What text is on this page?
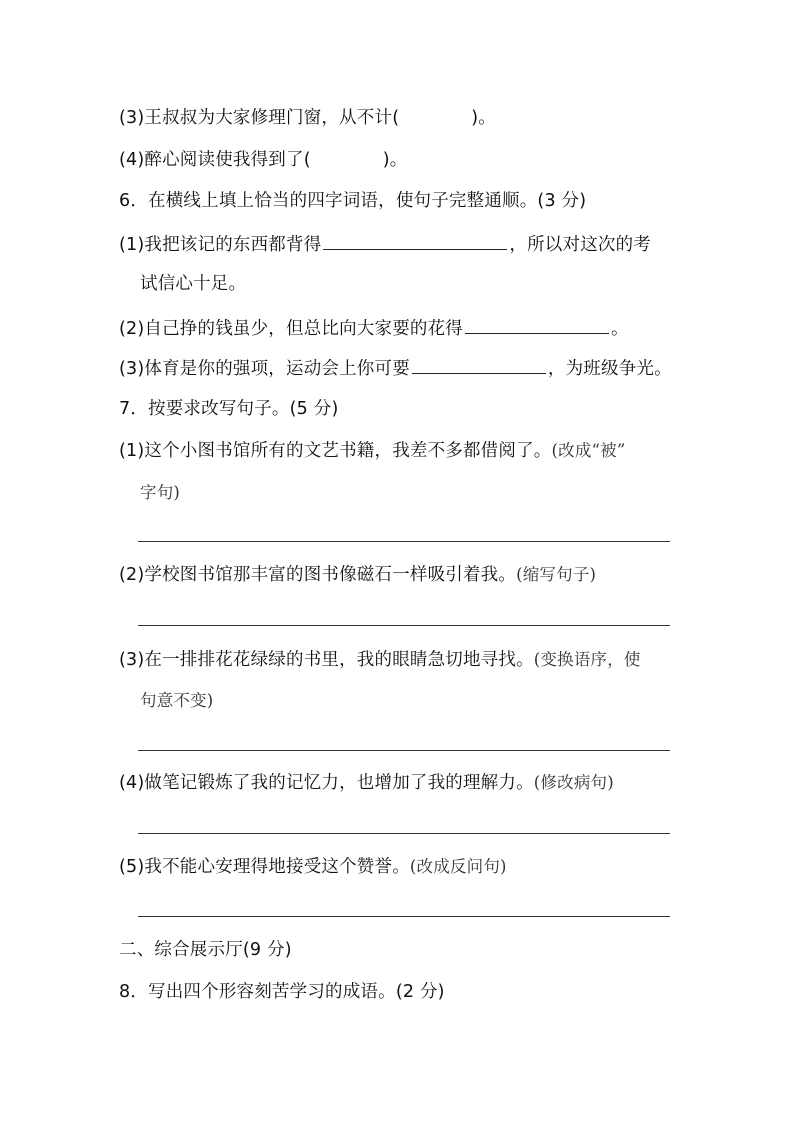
(3)王叔叔为大家修理门窗，从不计(	)。
(4)醉心阅读使我得到了(	)。
6．在横线上填上恰当的四字词语，使句子完整通顺。(3 分)
(1)我把该记的东西都背得	，所以对这次的考
试信心十足。
(2)自己挣的钱虽少，但总比向大家要的花得	。
(3)体育是你的强项，运动会上你可要	，为班级争光。
7．按要求改写句子。(5 分)
(1)这个小图书馆所有的文艺书籍，我差不多都借阅了。(改成“被”
字句)
(2)学校图书馆那丰富的图书像磁石一样吸引着我。(缩写句子)
(3)在一排排花花绿绿的书里，我的眼睛急切地寻找。(变换语序，使
句意不变)
(4)做笔记锻炼了我的记忆力，也增加了我的理解力。(修改病句)
(5)我不能心安理得地接受这个赞誉。(改成反问句)
二、综合展示厅(9 分)
8．写出四个形容刻苦学习的成语。(2 分)
